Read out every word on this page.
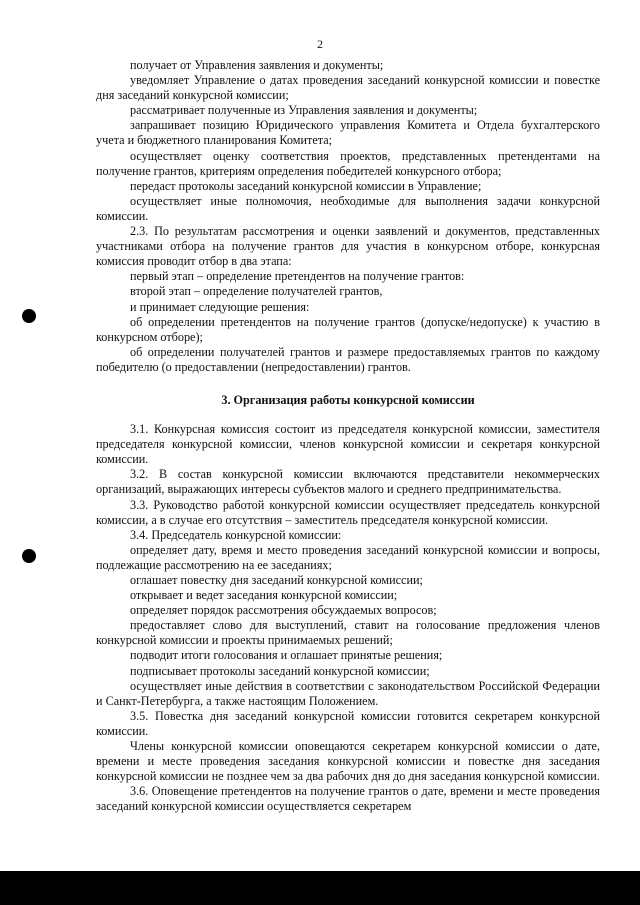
2

получает от Управления заявления и документы;

уведомляет Управление о датах проведения заседаний конкурсной комиссии и повестке дня заседаний конкурсной комиссии;

рассматривает полученные из Управления заявления и документы;

запрашивает позицию Юридического управления Комитета и Отдела бухгалтерского учета и бюджетного планирования Комитета;

осуществляет оценку соответствия проектов, представленных претендентами на получение грантов, критериям определения победителей конкурсного отбора;

передаст протоколы заседаний конкурсной комиссии в Управление;

осуществляет иные полномочия, необходимые для выполнения задачи конкурсной комиссии.

2.3. По результатам рассмотрения и оценки заявлений и документов, представленных участниками отбора на получение грантов для участия в конкурсном отборе, конкурсная комиссия проводит отбор в два этапа:

первый этап – определение претендентов на получение грантов:

второй этап – определение получателей грантов,

и принимает следующие решения:

об определении претендентов на получение грантов (допуске/недопуске) к участию в конкурсном отборе);

об определении получателей грантов и размере предоставляемых грантов по каждому победителю (о предоставлении (непредоставлении) грантов.

3. Организация работы конкурсной комиссии

3.1. Конкурсная комиссия состоит из председателя конкурсной комиссии, заместителя председателя конкурсной комиссии, членов конкурсной комиссии и секретаря конкурсной комиссии.

3.2. В состав конкурсной комиссии включаются представители некоммерческих организаций, выражающих интересы субъектов малого и среднего предпринимательства.

3.3. Руководство работой конкурсной комиссии осуществляет председатель конкурсной комиссии, а в случае его отсутствия – заместитель председателя конкурсной комиссии.

3.4. Председатель конкурсной комиссии:

определяет дату, время и место проведения заседаний конкурсной комиссии и вопросы, подлежащие рассмотрению на ее заседаниях;

оглашает повестку дня заседаний конкурсной комиссии;

открывает и ведет заседания конкурсной комиссии;

определяет порядок рассмотрения обсуждаемых вопросов;

предоставляет слово для выступлений, ставит на голосование предложения членов конкурсной комиссии и проекты принимаемых решений;

подводит итоги голосования и оглашает принятые решения;

подписывает протоколы заседаний конкурсной комиссии;

осуществляет иные действия в соответствии с законодательством Российской Федерации и Санкт-Петербурга, а также настоящим Положением.

3.5. Повестка дня заседаний конкурсной комиссии готовится секретарем конкурсной комиссии.

Члены конкурсной комиссии оповещаются секретарем конкурсной комиссии о дате, времени и месте проведения заседания конкурсной комиссии и повестке дня заседания конкурсной комиссии не позднее чем за два рабочих дня до дня заседания конкурсной комиссии.

3.6. Оповещение претендентов на получение грантов о дате, времени и месте проведения заседаний конкурсной комиссии осуществляется секретарем
